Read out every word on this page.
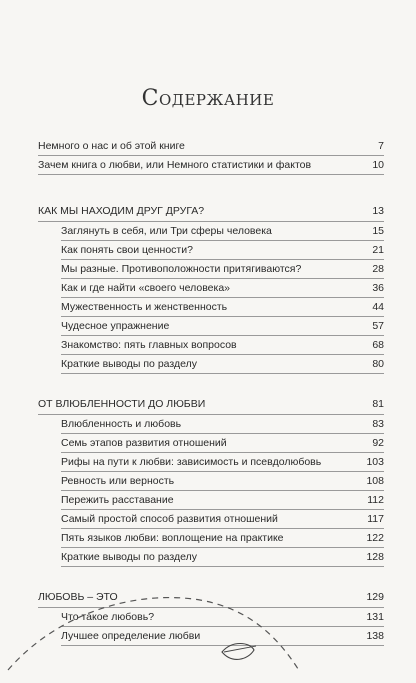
Содержание
Немного о нас и об этой книге	7
Зачем книга о любви, или Немного статистики и фактов	10
КАК МЫ НАХОДИМ ДРУГ ДРУГА?	13
Заглянуть в себя, или Три сферы человека	15
Как понять свои ценности?	21
Мы разные. Противоположности притягиваются?	28
Как и где найти «своего человека»	36
Мужественность и женственность	44
Чудесное упражнение	57
Знакомство: пять главных вопросов	68
Краткие выводы по разделу	80
ОТ ВЛЮБЛЕННОСТИ ДО ЛЮБВИ	81
Влюбленность и любовь	83
Семь этапов развития отношений	92
Рифы на пути к любви: зависимость и псевдолюбовь	103
Ревность или верность	108
Пережить расставание	112
Самый простой способ развития отношений	117
Пять языков любви: воплощение на практике	122
Краткие выводы по разделу	128
ЛЮБОВЬ – ЭТО	129
Что такое любовь?	131
Лучшее определение любви	138
